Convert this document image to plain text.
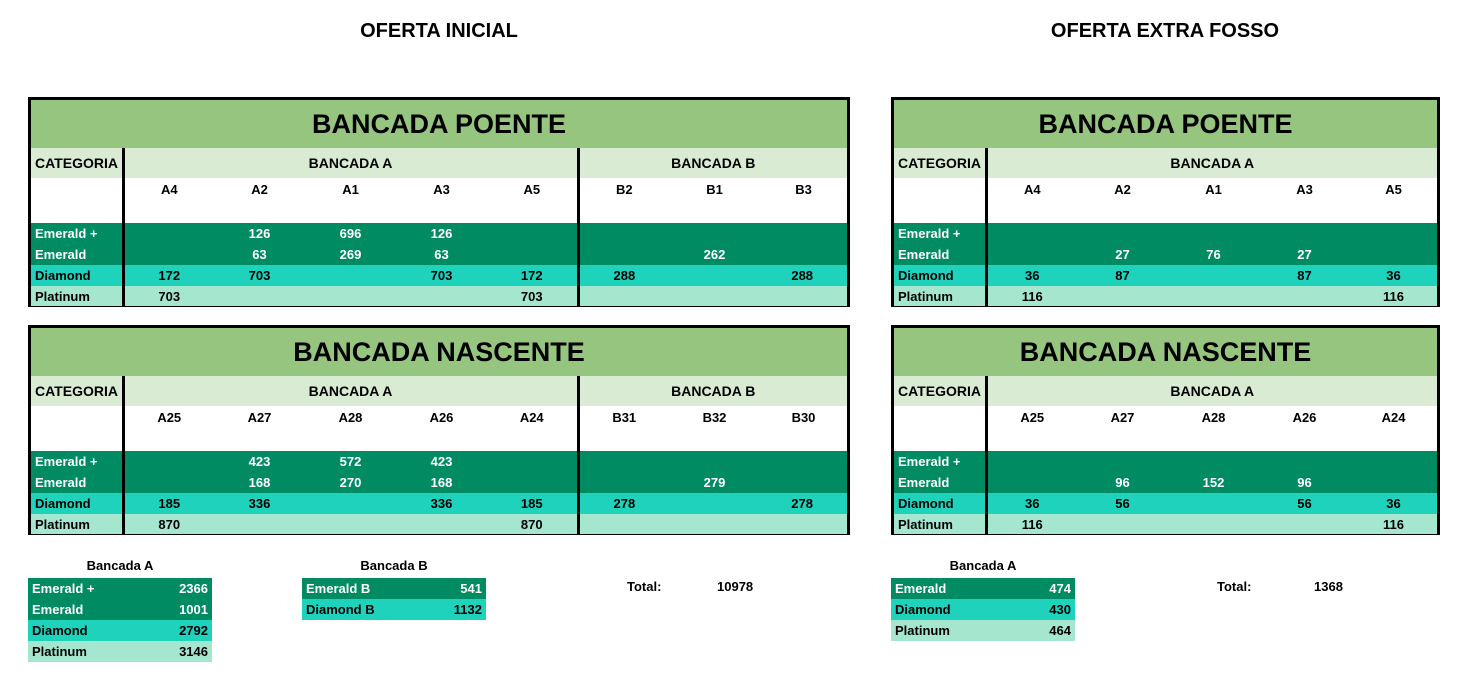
OFERTA INICIAL	OFERTA EXTRA FOSSO
BANCADA POENTE								
CATEGORIA	BANCADA A					BANCADA B		
	A4	A2	A1	A3	A5	B2	B1	B3
Emerald +		126	696	126				
Emerald		63	269	63			262	
Diamond	172	703		703	172	288		288
Platinum	703				703			
BANCADA NASCENTE								
CATEGORIA	BANCADA A					BANCADA B		
	A25	A27	A28	A26	A24	B31	B32	B30
Emerald +		423	572	423				
Emerald		168	270	168			279	
Diamond	185	336		336	185	278		278
Platinum	870				870			
BANCADA POENTE					
CATEGORIA	BANCADA A				
	A4	A2	A1	A3	A5
Emerald +					
Emerald		27	76	27	
Diamond	36	87		87	36
Platinum	116				116
BANCADA NASCENTE					
CATEGORIA	BANCADA A				
	A25	A27	A28	A26	A24
Emerald +					
Emerald		96	152	96	
Diamond	36	56		56	36
Platinum	116				116
Bancada A
Emerald +	2366
Emerald	1001
Diamond	2792
Platinum	3146
Bancada B
Emerald B	541
Diamond B	1132
Bancada A
Emerald	474
Diamond	430
Platinum	464
Total:	10978	Total:	1368
